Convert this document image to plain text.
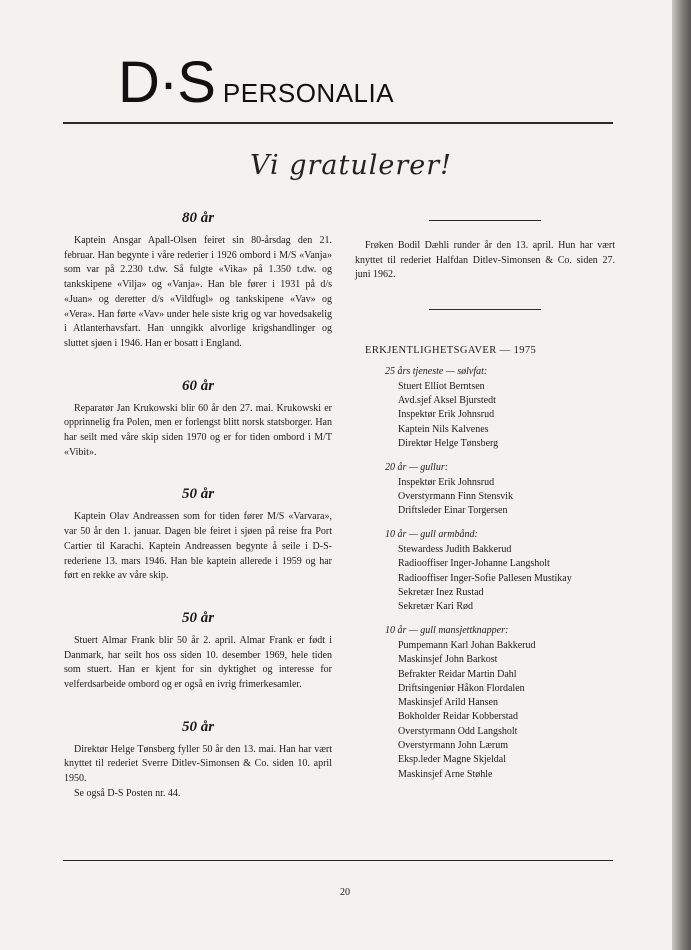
D·S PERSONALIA
Vi gratulerer!
80 år

Kaptein Ansgar Apall-Olsen feiret sin 80-årsdag den 21. februar. Han begynte i våre rederier i 1926 ombord i M/S «Vanja» som var på 2.230 t.dw. Så fulgte «Vika» på 1.350 t.dw. og tankskipene «Vilja» og «Vanja». Han ble fører i 1931 på d/s «Juan» og deretter d/s «Vildfugl» og tankskipene «Vav» og «Vera». Han førte «Vav» under hele siste krig og var hovedsakelig i Atlanterhavsfart. Han unngikk alvorlige krigshandlinger og sluttet sjøen i 1946. Han er bosatt i England.

60 år

Reparatør Jan Krukowski blir 60 år den 27. mai. Krukowski er opprinnelig fra Polen, men er forlengst blitt norsk statsborger. Han har seilt med våre skip siden 1970 og er for tiden ombord i M/T «Vibit».

50 år

Kaptein Olav Andreassen som for tiden fører M/S «Varvara», var 50 år den 1. januar. Dagen ble feiret i sjøen på reise fra Port Cartier til Karachi. Kaptein Andreassen begynte å seile i D-S-rederiene 13. mars 1946. Han ble kaptein allerede i 1959 og har ført en rekke av våre skip.

50 år

Stuert Almar Frank blir 50 år 2. april. Almar Frank er født i Danmark, har seilt hos oss siden 10. desember 1969, hele tiden som stuert. Han er kjent for sin dyktighet og interesse for velferdsarbeide ombord og er også en ivrig frimerkesamler.

50 år

Direktør Helge Tønsberg fyller 50 år den 13. mai. Han har vært knyttet til rederiet Sverre Ditlev-Simonsen & Co. siden 10. april 1950.

Se også D-S Posten nr. 44.

Frøken Bodil Dæhli runder år den 13. april. Hun har vært knyttet til rederiet Halfdan Ditlev-Simonsen & Co. siden 27. juni 1962.

ERKJENTLIGHETSGAVER — 1975

25 års tjeneste — sølvfat:

Stuert Elliot Berntsen

Avd.sjef Aksel Bjurstedt

Inspektør Erik Johnsrud

Kaptein Nils Kalvenes

Direktør Helge Tønsberg

20 år — gullur:

Inspektør Erik Johnsrud

Overstyrmann Finn Stensvik

Driftsleder Einar Torgersen

10 år — gull armbånd:

Stewardess Judith Bakkerud

Radiooffiser Inger-Johanne Langsholt

Radiooffiser Inger-Sofie Pallesen Mustikay

Sekretær Inez Rustad

Sekretær Kari Rød

10 år — gull mansjettknapper:

Pumpemann Karl Johan Bakkerud

Maskinsjef John Barkost

Befrakter Reidar Martin Dahl

Driftsingeniør Håkon Flordalen

Maskinsjef Arild Hansen

Bokholder Reidar Kobberstad

Overstyrmann Odd Langsholt

Overstyrmann John Lærum

Eksp.leder Magne Skjeldal

Maskinsjef Arne Støhle

20
